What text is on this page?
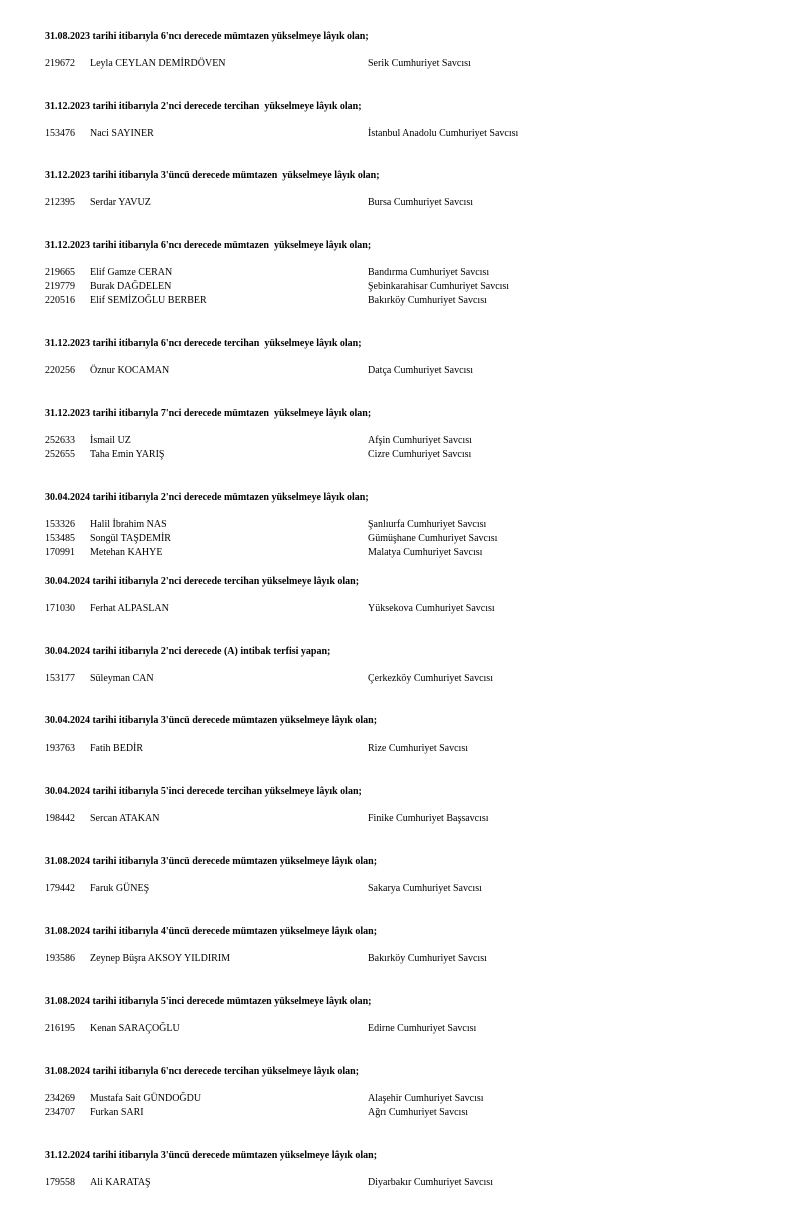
31.08.2023 tarihi itibarıyla 6'ncı derecede mümtazen yükselmeye lâyık olan;
219672 Leyla CEYLAN DEMİRDÖVEN	Serik Cumhuriyet Savcısı
31.12.2023 tarihi itibarıyla 2'nci derecede tercihan  yükselmeye lâyık olan;
153476 Naci SAYINER	İstanbul Anadolu Cumhuriyet Savcısı
31.12.2023 tarihi itibarıyla 3'üncü derecede mümtazen  yükselmeye lâyık olan;
212395 Serdar YAVUZ	Bursa Cumhuriyet Savcısı
31.12.2023 tarihi itibarıyla 6'ncı derecede mümtazen  yükselmeye lâyık olan;
219665 Elif Gamze CERAN	Bandırma Cumhuriyet Savcısı
219779 Burak DAĞDELEN	Şebinkarahisar Cumhuriyet Savcısı
220516 Elif SEMİZOĞLU BERBER	Bakırköy Cumhuriyet Savcısı
31.12.2023 tarihi itibarıyla 6'ncı derecede tercihan  yükselmeye lâyık olan;
220256 Öznur KOCAMAN	Datça Cumhuriyet Savcısı
31.12.2023 tarihi itibarıyla 7'nci derecede mümtazen  yükselmeye lâyık olan;
252633 İsmail UZ	Afşin Cumhuriyet Savcısı
252655 Taha Emin YARIŞ	Cizre Cumhuriyet Savcısı
30.04.2024 tarihi itibarıyla 2'nci derecede mümtazen yükselmeye lâyık olan;
153326 Halil İbrahim NAS	Şanlıurfa Cumhuriyet Savcısı
153485 Songül TAŞDEMİR	Gümüşhane Cumhuriyet Savcısı
170991 Metehan KAHYE	Malatya Cumhuriyet Savcısı
30.04.2024 tarihi itibarıyla 2'nci derecede tercihan yükselmeye lâyık olan;
171030 Ferhat ALPASLAN	Yüksekova Cumhuriyet Savcısı
30.04.2024 tarihi itibarıyla 2'nci derecede (A) intibak terfisi yapan;
153177 Süleyman CAN	Çerkezköy Cumhuriyet Savcısı
30.04.2024 tarihi itibarıyla 3'üncü derecede mümtazen yükselmeye lâyık olan;
193763 Fatih BEDİR	Rize Cumhuriyet Savcısı
30.04.2024 tarihi itibarıyla 5'inci derecede tercihan yükselmeye lâyık olan;
198442 Sercan ATAKAN	Finike Cumhuriyet Başsavcısı
31.08.2024 tarihi itibarıyla 3'üncü derecede mümtazen yükselmeye lâyık olan;
179442 Faruk GÜNEŞ	Sakarya Cumhuriyet Savcısı
31.08.2024 tarihi itibarıyla 4'üncü derecede mümtazen yükselmeye lâyık olan;
193586 Zeynep Büşra AKSOY YILDIRIM	Bakırköy Cumhuriyet Savcısı
31.08.2024 tarihi itibarıyla 5'inci derecede mümtazen yükselmeye lâyık olan;
216195 Kenan SARAÇOĞLU	Edirne Cumhuriyet Savcısı
31.08.2024 tarihi itibarıyla 6'ncı derecede tercihan yükselmeye lâyık olan;
234269 Mustafa Sait GÜNDOĞDU	Alaşehir Cumhuriyet Savcısı
234707 Furkan SARI	Ağrı Cumhuriyet Savcısı
31.12.2024 tarihi itibarıyla 3'üncü derecede mümtazen yükselmeye lâyık olan;
179558 Ali KARATAŞ	Diyarbakır Cumhuriyet Savcısı
